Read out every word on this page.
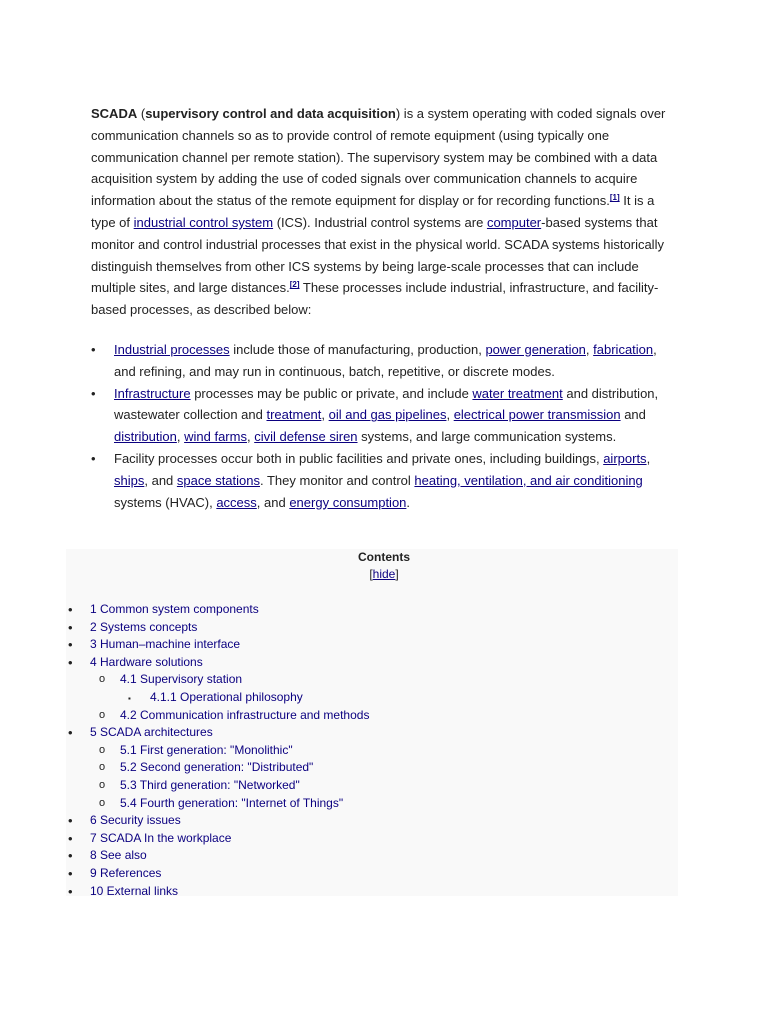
SCADA (supervisory control and data acquisition) is a system operating with coded signals over communication channels so as to provide control of remote equipment (using typically one communication channel per remote station). The supervisory system may be combined with a data acquisition system by adding the use of coded signals over communication channels to acquire information about the status of the remote equipment for display or for recording functions.[1] It is a type of industrial control system (ICS). Industrial control systems are computer-based systems that monitor and control industrial processes that exist in the physical world. SCADA systems historically distinguish themselves from other ICS systems by being large-scale processes that can include multiple sites, and large distances.[2] These processes include industrial, infrastructure, and facility-based processes, as described below:

• Industrial processes include those of manufacturing, production, power generation, fabrication, and refining, and may run in continuous, batch, repetitive, or discrete modes.
• Infrastructure processes may be public or private, and include water treatment and distribution, wastewater collection and treatment, oil and gas pipelines, electrical power transmission and distribution, wind farms, civil defense siren systems, and large communication systems.
• Facility processes occur both in public facilities and private ones, including buildings, airports, ships, and space stations. They monitor and control heating, ventilation, and air conditioning systems (HVAC), access, and energy consumption.
Contents
[hide]
• 1 Common system components
• 2 Systems concepts
• 3 Human–machine interface
• 4 Hardware solutions
o 4.1 Supervisory station
▪ 4.1.1 Operational philosophy
o 4.2 Communication infrastructure and methods
• 5 SCADA architectures
o 5.1 First generation: "Monolithic"
o 5.2 Second generation: "Distributed"
o 5.3 Third generation: "Networked"
o 5.4 Fourth generation: "Internet of Things"
• 6 Security issues
• 7 SCADA In the workplace
• 8 See also
• 9 References
• 10 External links
